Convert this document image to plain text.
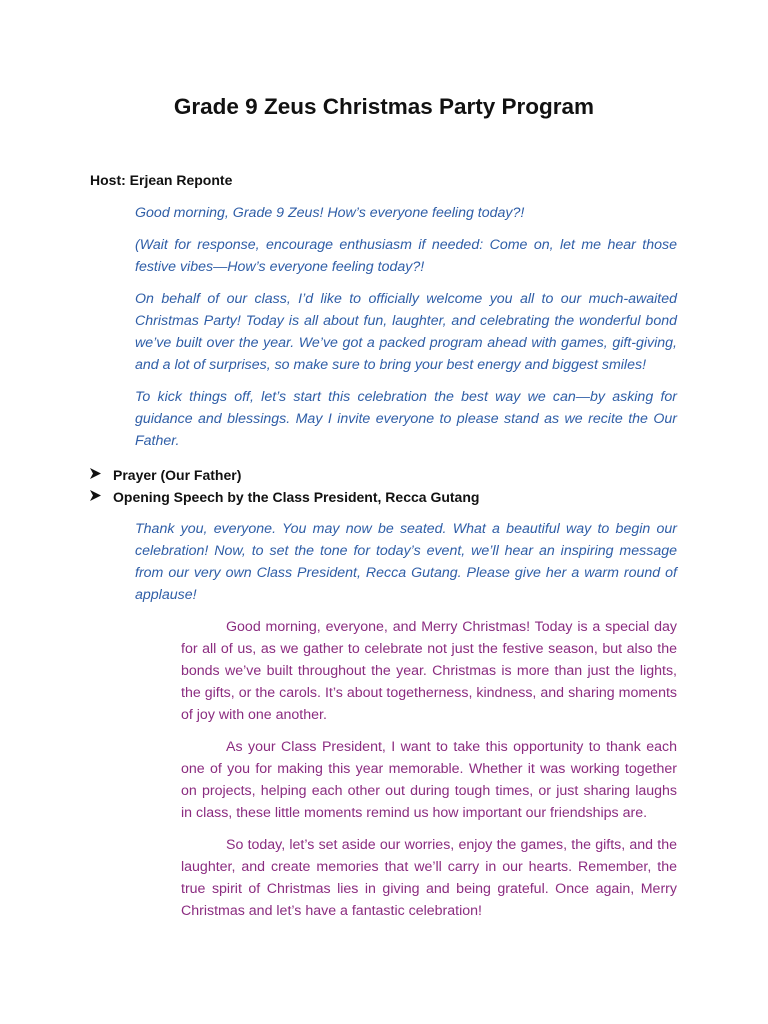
Grade 9 Zeus Christmas Party Program
Host: Erjean Reponte

Good morning, Grade 9 Zeus! How’s everyone feeling today?!

(Wait for response, encourage enthusiasm if needed: Come on, let me hear those festive vibes—How’s everyone feeling today?!

On behalf of our class, I’d like to officially welcome you all to our much-awaited Christmas Party! Today is all about fun, laughter, and celebrating the wonderful bond we’ve built over the year. We’ve got a packed program ahead with games, gift-giving, and a lot of surprises, so make sure to bring your best energy and biggest smiles!

To kick things off, let’s start this celebration the best way we can—by asking for guidance and blessings. May I invite everyone to please stand as we recite the Our Father.

Prayer (Our Father)
Opening Speech by the Class President, Recca Gutang

Thank you, everyone. You may now be seated. What a beautiful way to begin our celebration! Now, to set the tone for today’s event, we’ll hear an inspiring message from our very own Class President, Recca Gutang. Please give her a warm round of applause!

Good morning, everyone, and Merry Christmas! Today is a special day for all of us, as we gather to celebrate not just the festive season, but also the bonds we’ve built throughout the year. Christmas is more than just the lights, the gifts, or the carols. It’s about togetherness, kindness, and sharing moments of joy with one another.

As your Class President, I want to take this opportunity to thank each one of you for making this year memorable. Whether it was working together on projects, helping each other out during tough times, or just sharing laughs in class, these little moments remind us how important our friendships are.

So today, let’s set aside our worries, enjoy the games, the gifts, and the laughter, and create memories that we’ll carry in our hearts. Remember, the true spirit of Christmas lies in giving and being grateful. Once again, Merry Christmas and let’s have a fantastic celebration!
